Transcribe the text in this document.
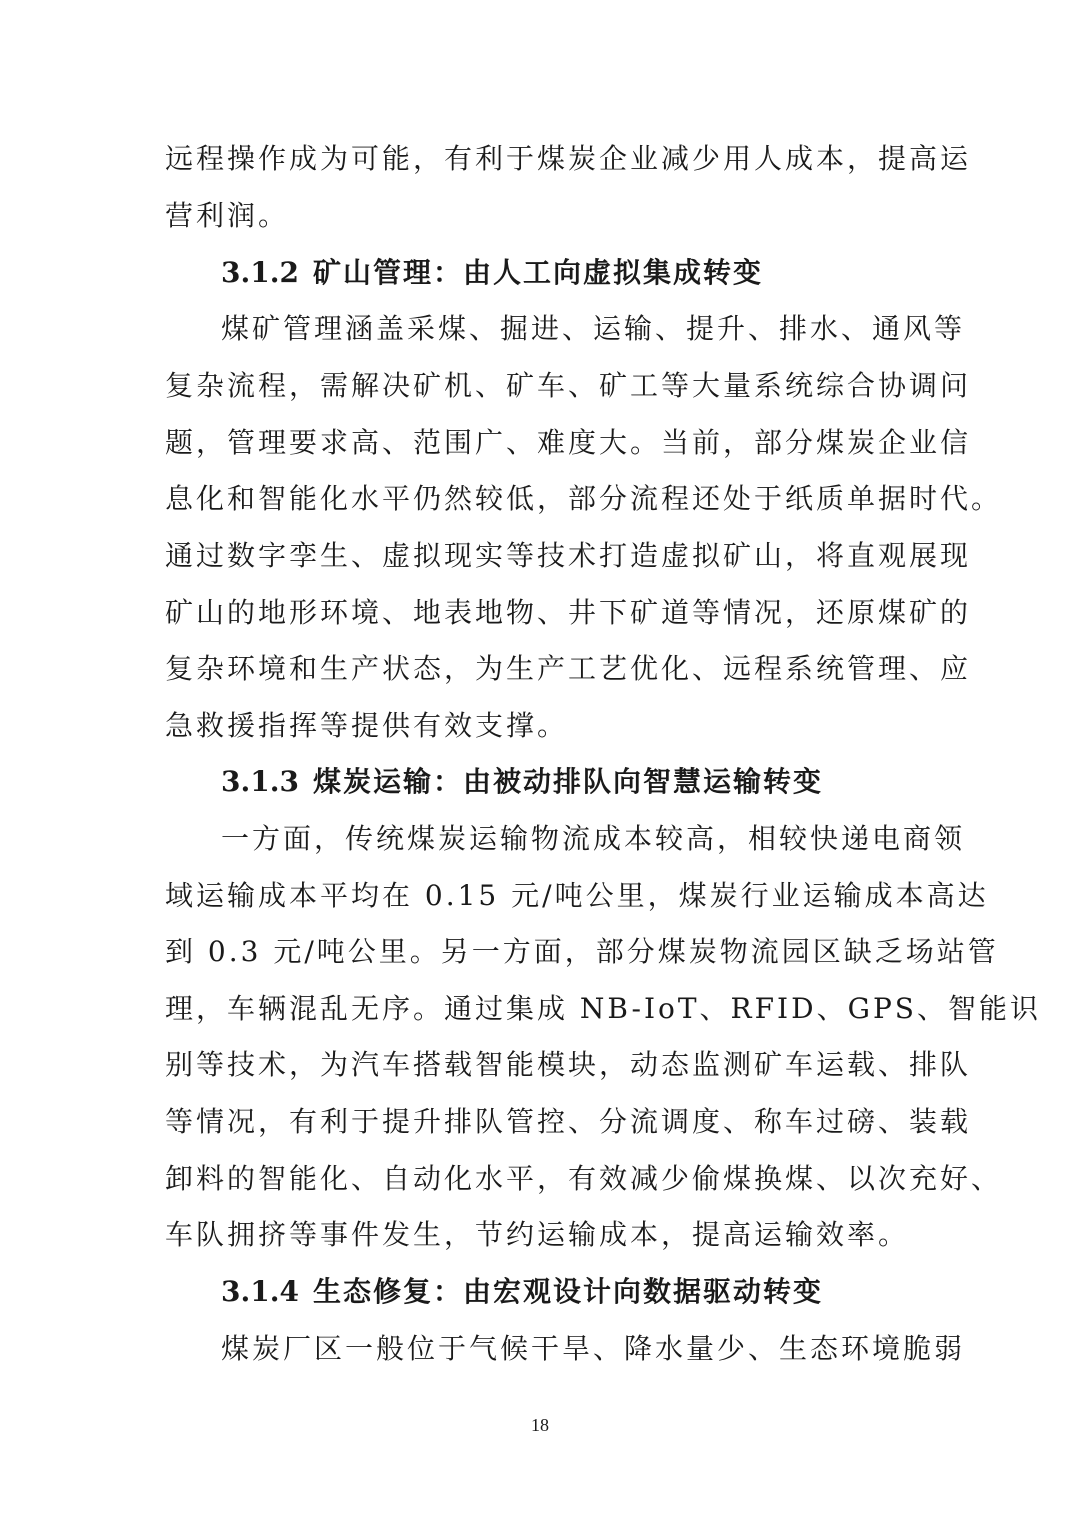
远程操作成为可能，有利于煤炭企业减少用人成本，提高运
营利润。
3.1.2 矿山管理：由人工向虚拟集成转变
煤矿管理涵盖采煤、掘进、运输、提升、排水、通风等
复杂流程，需解决矿机、矿车、矿工等大量系统综合协调问
题，管理要求高、范围广、难度大。当前，部分煤炭企业信
息化和智能化水平仍然较低，部分流程还处于纸质单据时代。
通过数字孪生、虚拟现实等技术打造虚拟矿山，将直观展现
矿山的地形环境、地表地物、井下矿道等情况，还原煤矿的
复杂环境和生产状态，为生产工艺优化、远程系统管理、应
急救援指挥等提供有效支撑。
3.1.3 煤炭运输：由被动排队向智慧运输转变
一方面，传统煤炭运输物流成本较高，相较快递电商领
域运输成本平均在 0.15 元/吨公里，煤炭行业运输成本高达
到 0.3 元/吨公里。另一方面，部分煤炭物流园区缺乏场站管
理，车辆混乱无序。通过集成 NB-IoT、RFID、GPS、智能识
别等技术，为汽车搭载智能模块，动态监测矿车运载、排队
等情况，有利于提升排队管控、分流调度、称车过磅、装载
卸料的智能化、自动化水平，有效减少偷煤换煤、以次充好、
车队拥挤等事件发生，节约运输成本，提高运输效率。
3.1.4 生态修复：由宏观设计向数据驱动转变
煤炭厂区一般位于气候干旱、降水量少、生态环境脆弱
18
